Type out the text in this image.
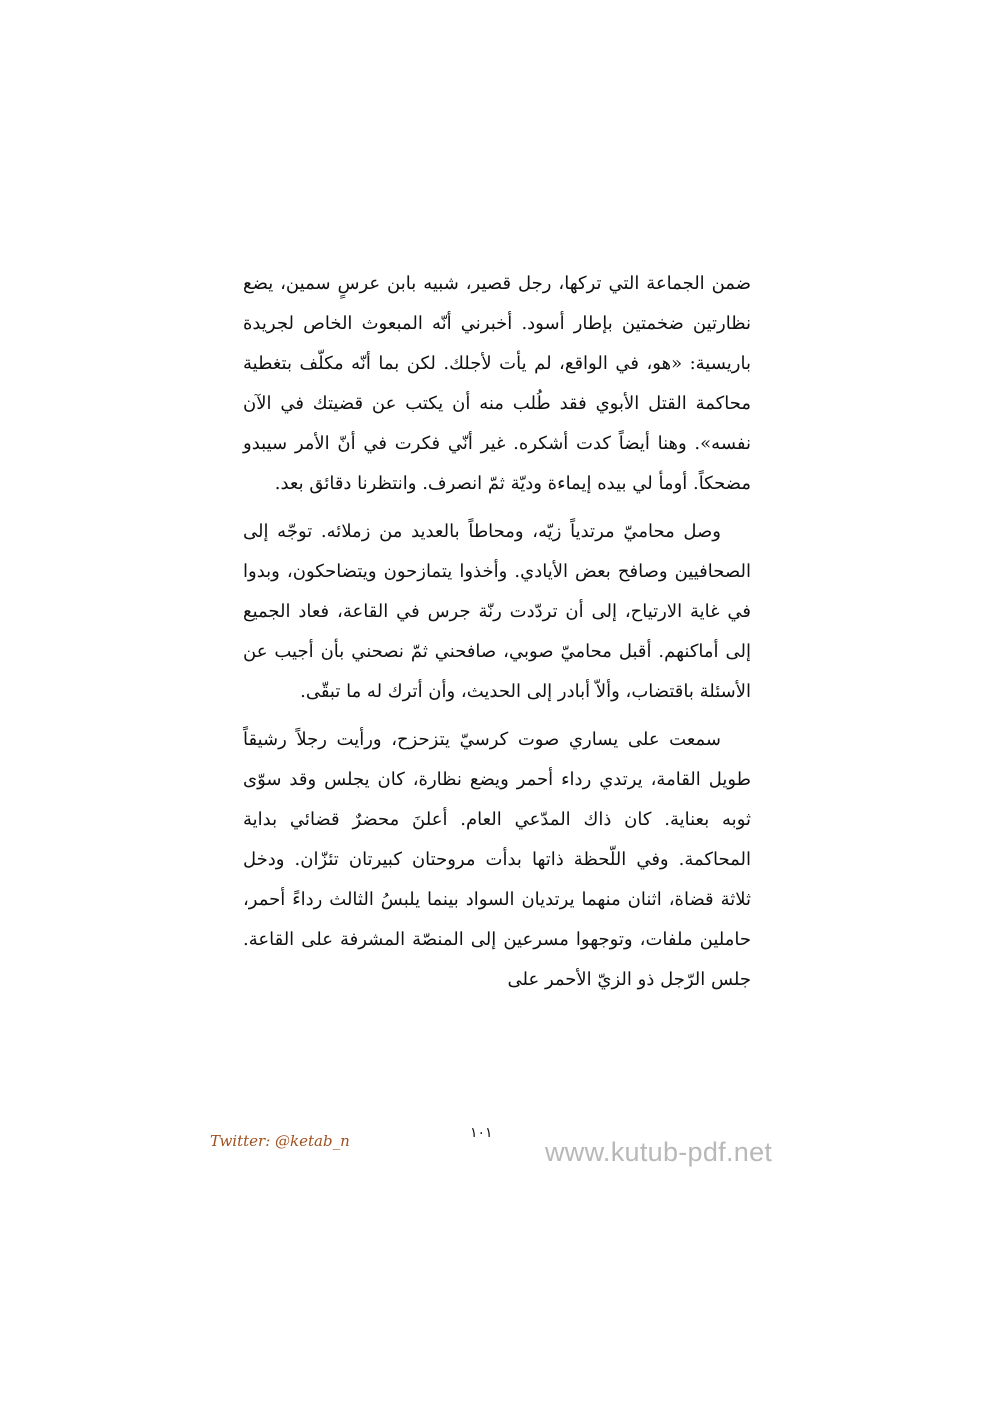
ضمن الجماعة التي تركها، رجل قصير، شبيه بابن عرسٍ سمين، يضع نظارتين ضخمتين بإطار أسود. أخبرني أنّه المبعوث الخاص لجريدة باريسية: «هو، في الواقع، لم يأت لأجلك. لكن بما أنّه مكلّف بتغطية محاكمة القتل الأبوي فقد طُلب منه أن يكتب عن قضيتك في الآن نفسه». وهنا أيضاً كدت أشكره. غير أنّي فكرت في أنّ الأمر سيبدو مضحكاً. أومأ لي بيده إيماءة وديّة ثمّ انصرف. وانتظرنا دقائق بعد.

وصل محاميّ مرتدياً زيّه، ومحاطاً بالعديد من زملائه. توجّه إلى الصحافيين وصافح بعض الأيادي. وأخذوا يتمازحون ويتضاحكون، وبدوا في غاية الارتياح، إلى أن تردّدت رنّة جرس في القاعة، فعاد الجميع إلى أماكنهم. أقبل محاميّ صوبي، صافحني ثمّ نصحني بأن أجيب عن الأسئلة باقتضاب، وألاّ أبادر إلى الحديث، وأن أترك له ما تبقّى.

سمعت على يساري صوت كرسيّ يتزحزح، ورأيت رجلاً رشيقاً طويل القامة، يرتدي رداء أحمر ويضع نظارة، كان يجلس وقد سوّى ثوبه بعناية. كان ذاك المدّعي العام. أعلنَ محضرٌ قضائي بداية المحاكمة. وفي اللّحظة ذاتها بدأت مروحتان كبيرتان تئزّان. ودخل ثلاثة قضاة، اثنان منهما يرتديان السواد بينما يلبسُ الثالث رداءً أحمر، حاملين ملفات، وتوجهوا مسرعين إلى المنصّة المشرفة على القاعة. جلس الرّجل ذو الزيّ الأحمر على

١٠١
Twitter: @ketab_n	www.kutub-pdf.net
